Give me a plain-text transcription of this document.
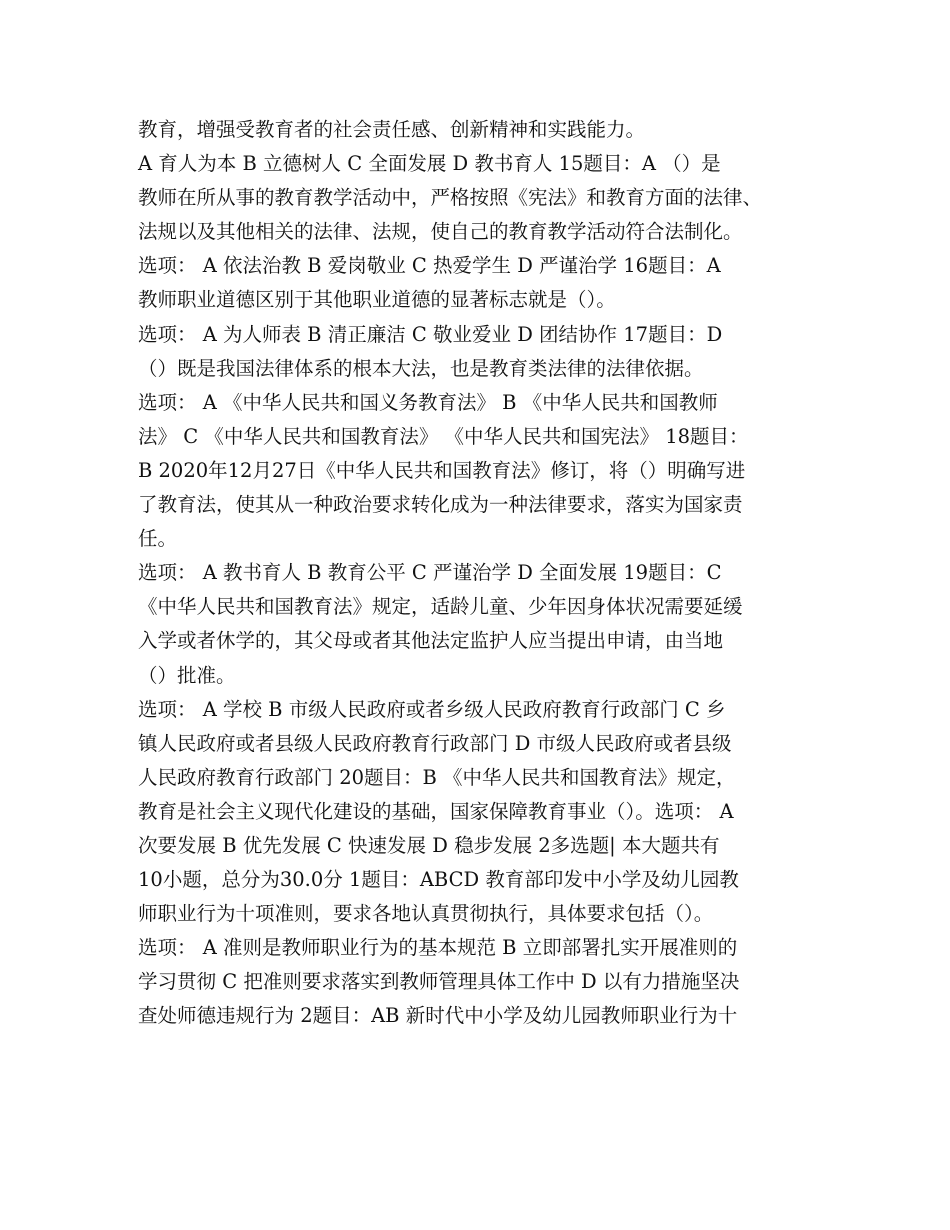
教育，增强受教育者的社会责任感、创新精神和实践能力。
A 育人为本 B 立德树人 C 全面发展 D 教书育人 15题目：A （）是
教师在所从事的教育教学活动中，严格按照《宪法》和教育方面的法律、
法规以及其他相关的法律、法规，使自己的教育教学活动符合法制化。
选项： A 依法治教 B 爱岗敬业 C 热爱学生 D 严谨治学 16题目：A
教师职业道德区别于其他职业道德的显著标志就是（）。
选项： A 为人师表 B 清正廉洁 C 敬业爱业 D 团结协作 17题目：D
（）既是我国法律体系的根本大法，也是教育类法律的法律依据。
选项： A 《中华人民共和国义务教育法》 B 《中华人民共和国教师
法》 C 《中华人民共和国教育法》 《中华人民共和国宪法》 18题目：
B 2020年12月27日《中华人民共和国教育法》修订，将（）明确写进
了教育法，使其从一种政治要求转化成为一种法律要求，落实为国家责
任。
选项： A 教书育人 B 教育公平 C 严谨治学 D 全面发展 19题目：C
《中华人民共和国教育法》规定，适龄儿童、少年因身体状况需要延缓
入学或者休学的，其父母或者其他法定监护人应当提出申请，由当地
（）批准。
选项： A 学校 B 市级人民政府或者乡级人民政府教育行政部门 C 乡
镇人民政府或者县级人民政府教育行政部门 D 市级人民政府或者县级
人民政府教育行政部门 20题目：B 《中华人民共和国教育法》规定，
教育是社会主义现代化建设的基础，国家保障教育事业（）。选项： A
次要发展 B 优先发展 C 快速发展 D 稳步发展 2多选题| 本大题共有
10小题，总分为30.0分 1题目：ABCD 教育部印发中小学及幼儿园教
师职业行为十项准则，要求各地认真贯彻执行，具体要求包括（）。
选项： A 准则是教师职业行为的基本规范 B 立即部署扎实开展准则的
学习贯彻 C 把准则要求落实到教师管理具体工作中 D 以有力措施坚决
查处师德违规行为 2题目：AB 新时代中小学及幼儿园教师职业行为十
